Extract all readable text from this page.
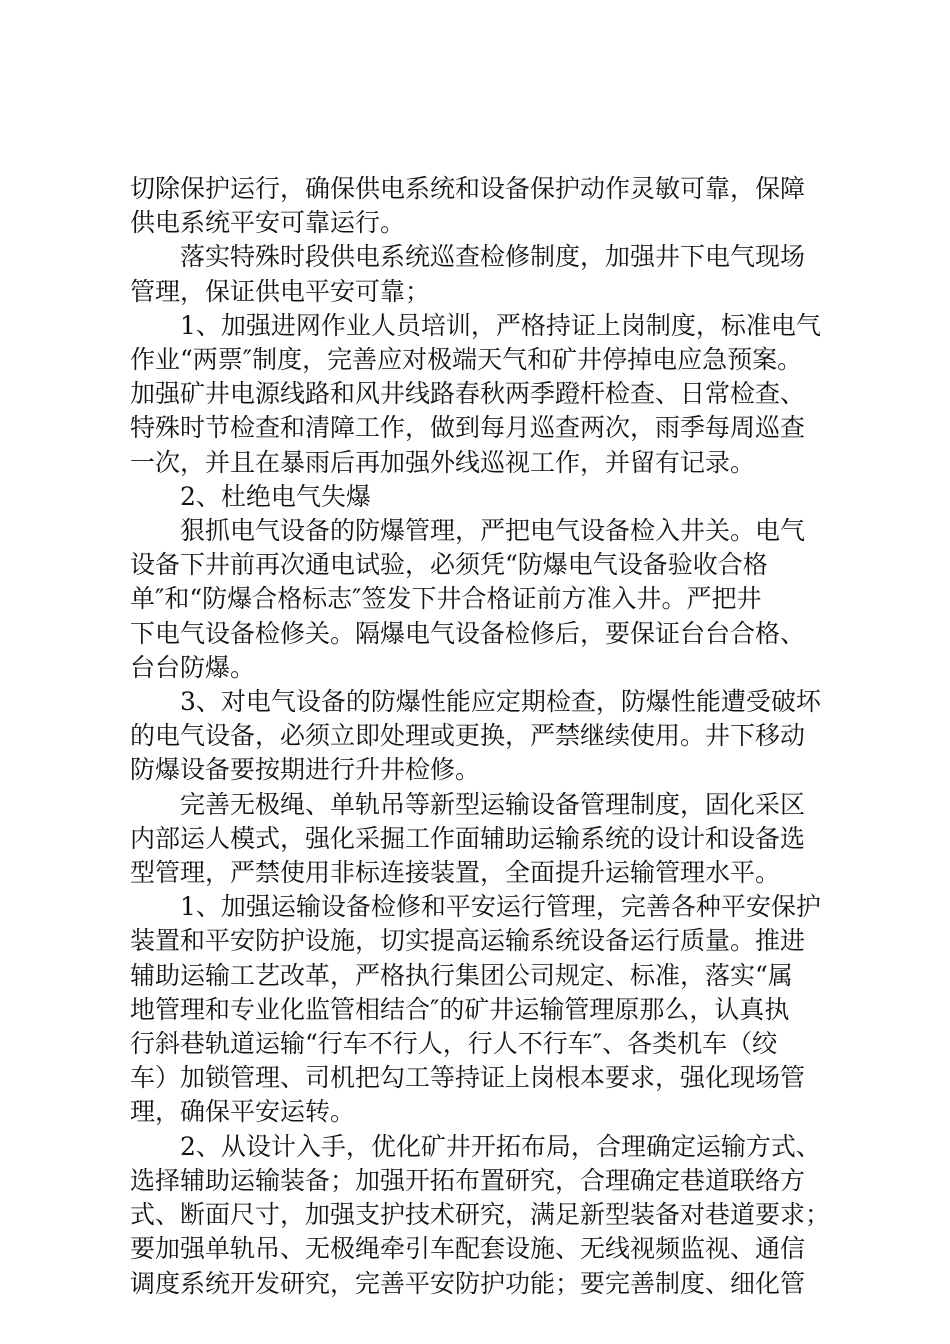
切除保护运行，确保供电系统和设备保护动作灵敏可靠，保障

供电系统平安可靠运行。

落实特殊时段供电系统巡查检修制度，加强井下电气现场

管理，保证供电平安可靠；

1、加强进网作业人员培训，严格持证上岗制度，标准电气

作业“两票″制度，完善应对极端天气和矿井停掉电应急预案。

加强矿井电源线路和风井线路春秋两季蹬杆检查、日常检查、

特殊时节检查和清障工作，做到每月巡查两次，雨季每周巡查

一次，并且在暴雨后再加强外线巡视工作，并留有记录。

2、杜绝电气失爆

狠抓电气设备的防爆管理，严把电气设备检入井关。电气

设备下井前再次通电试验，必须凭“防爆电气设备验收合格

单″和“防爆合格标志″签发下井合格证前方准入井。严把井

下电气设备检修关。隔爆电气设备检修后，要保证台台合格、

台台防爆。

3、对电气设备的防爆性能应定期检查，防爆性能遭受破坏

的电气设备，必须立即处理或更换，严禁继续使用。井下移动

防爆设备要按期进行升井检修。

完善无极绳、单轨吊等新型运输设备管理制度，固化采区

内部运人模式，强化采掘工作面辅助运输系统的设计和设备选

型管理，严禁使用非标连接装置，全面提升运输管理水平。

1、加强运输设备检修和平安运行管理，完善各种平安保护

装置和平安防护设施，切实提高运输系统设备运行质量。推进

辅助运输工艺改革，严格执行集团公司规定、标准，落实“属

地管理和专业化监管相结合″的矿井运输管理原那么，认真执

行斜巷轨道运输“行车不行人，行人不行车″、各类机车（绞

车）加锁管理、司机把勾工等持证上岗根本要求，强化现场管

理，确保平安运转。

2、从设计入手，优化矿井开拓布局，合理确定运输方式、

选择辅助运输装备；加强开拓布置研究，合理确定巷道联络方

式、断面尺寸，加强支护技术研究，满足新型装备对巷道要求；

要加强单轨吊、无极绳牵引车配套设施、无线视频监视、通信

调度系统开发研究，完善平安防护功能；要完善制度、细化管
